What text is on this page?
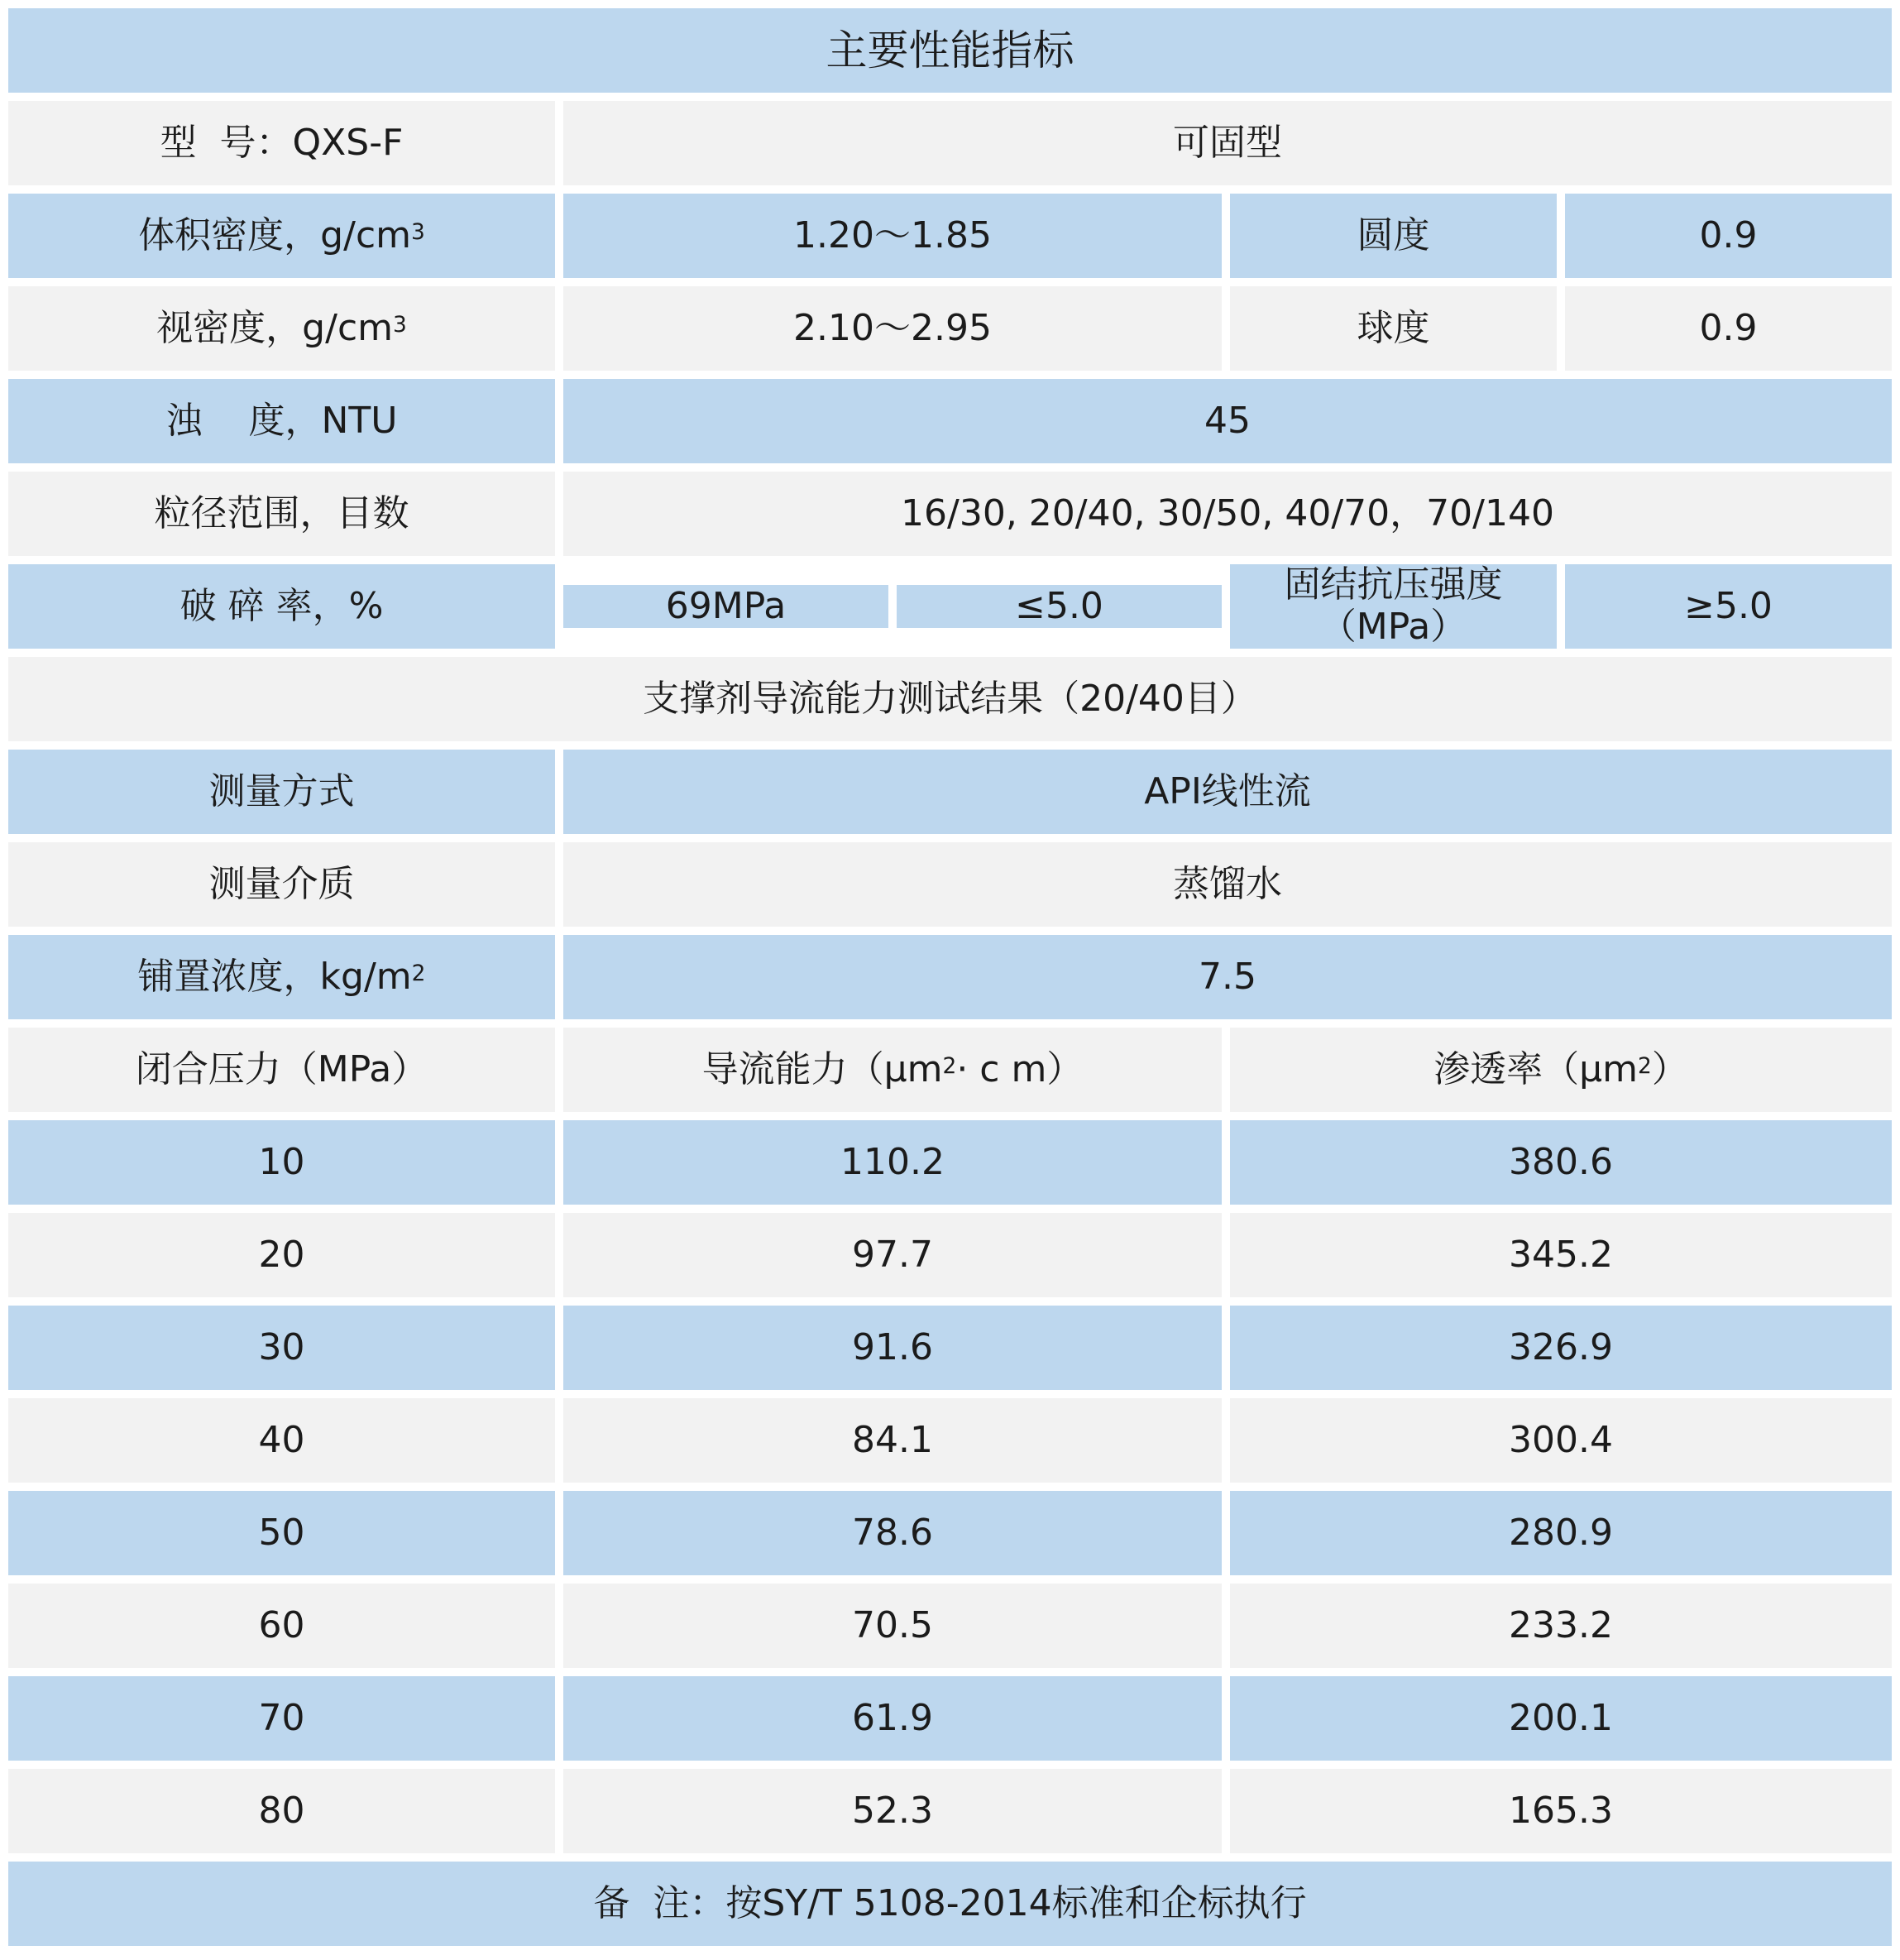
主要性能指标
型  号：QXS-F	可固型
体积密度，$g/cm^3$	1.20～1.85	圆度	0.9
视密度，$g/cm^3$	2.10～2.95	球度	0.9
浊    度，NTU	45
粒径范围，目数	16/30, 20/40, 30/50, 40/70，70/140
破 碎 率，%	69MPa	≤5.0	固结抗压强度（MPa）	≥5.0
支撑剂导流能力测试结果（20/40目）
测量方式	API线性流
测量介质	蒸馏水
铺置浓度，$kg/m^2$	7.5
闭合压力（MPa）	导流能力（$\mu m^2 \cdot c$ m）	渗透率（$\mu m^2$ ）
10	110.2	380.6
20	97.7	345.2
30	91.6	326.9
40	84.1	300.4
50	78.6	280.9
60	70.5	233.2
70	61.9	200.1
80	52.3	165.3
备  注：按SY/T 5108-2014标准和企标执行
